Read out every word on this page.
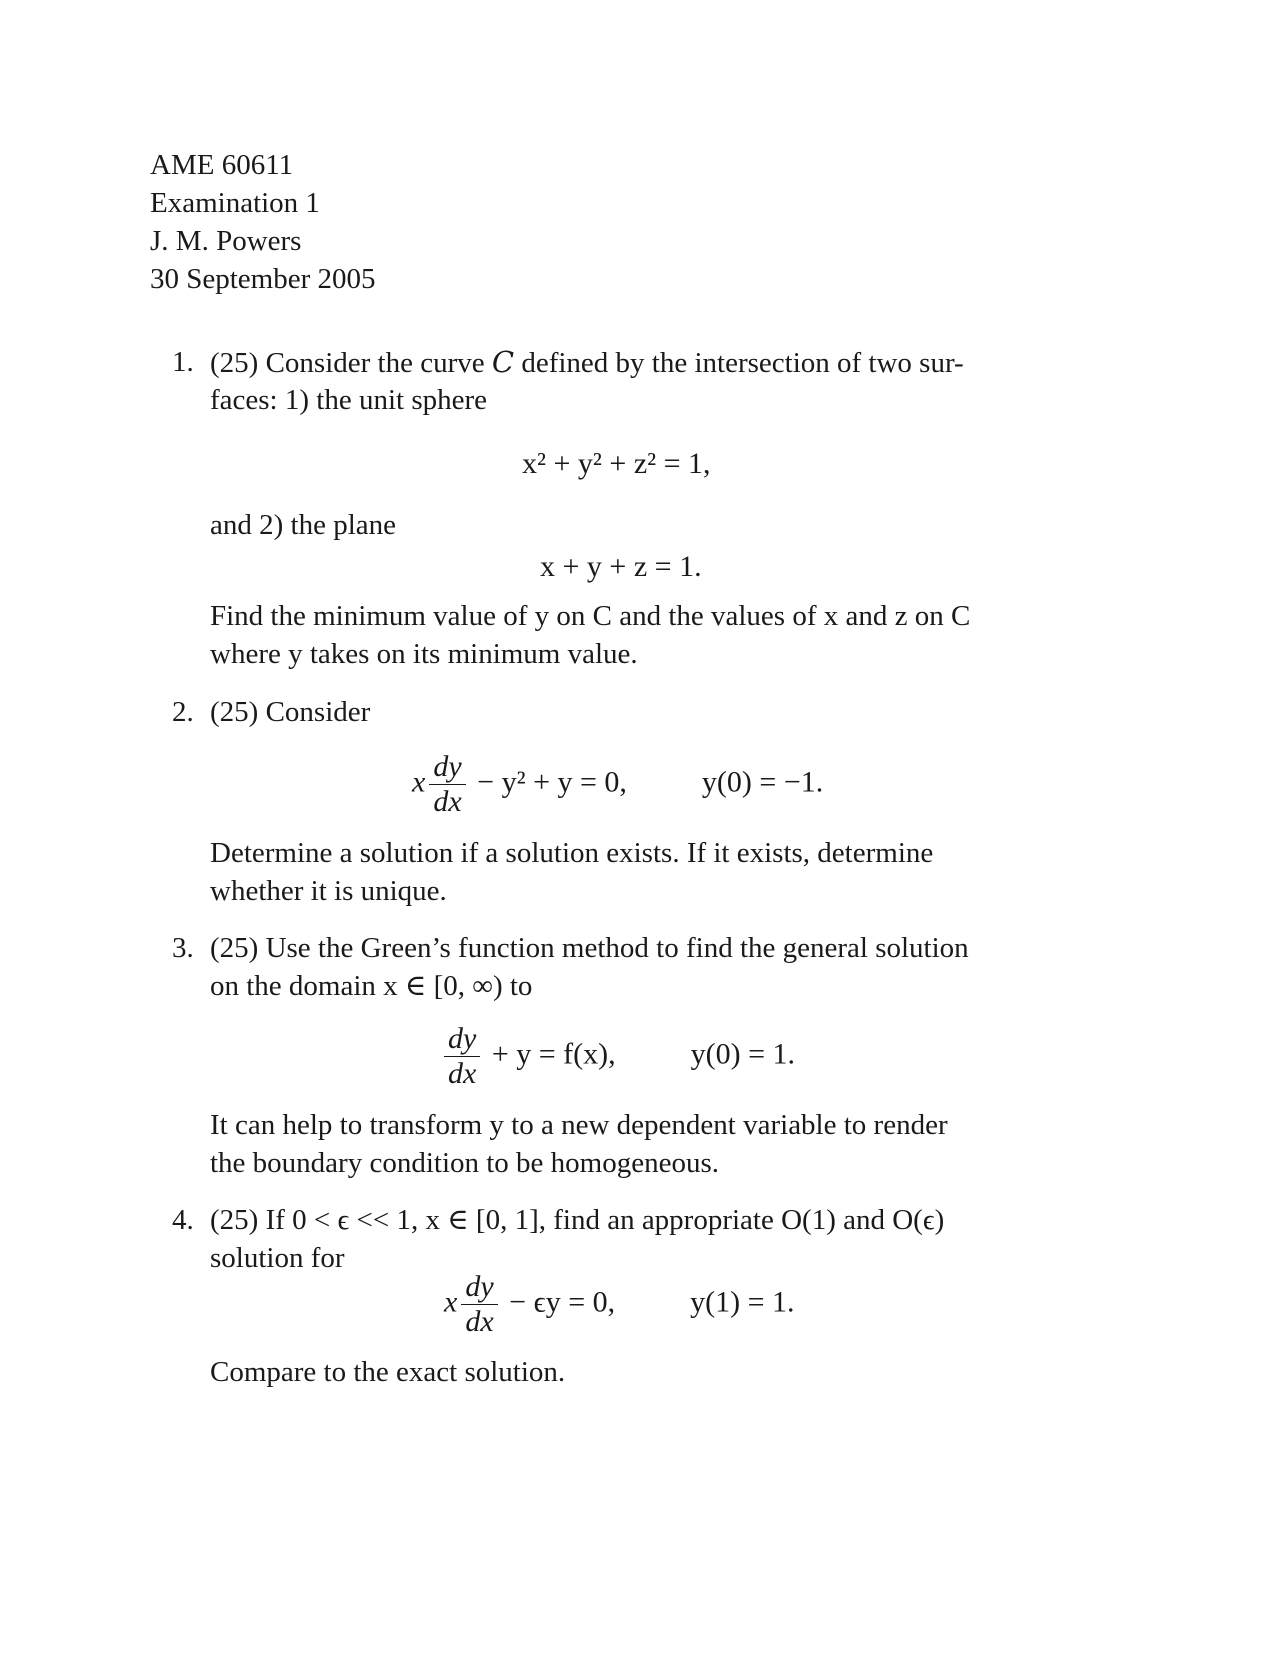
AME 60611
Examination 1
J. M. Powers
30 September 2005
1. (25) Consider the curve C defined by the intersection of two sur-
faces: 1) the unit sphere
x² + y² + z² = 1,
and 2) the plane
x + y + z = 1.
Find the minimum value of y on C and the values of x and z on C
where y takes on its minimum value.
2. (25) Consider
x $\frac{dy}{dx} - y^2 + y = 0$,	y(0) = −1.
Determine a solution if a solution exists. If it exists, determine
whether it is unique.
3. (25) Use the Green’s function method to find the general solution
on the domain x ∈ [0, ∞) to
$\frac{dy}{dx} + y = f(x)$,	y(0) = 1.
It can help to transform y to a new dependent variable to render
the boundary condition to be homogeneous.
4. (25) If 0 < ϵ << 1, x ∈ [0, 1], find an appropriate O(1) and O(ϵ)
solution for
x $\frac{dy}{dx} - \epsilon y = 0$,	y(1) = 1.
Compare to the exact solution.
